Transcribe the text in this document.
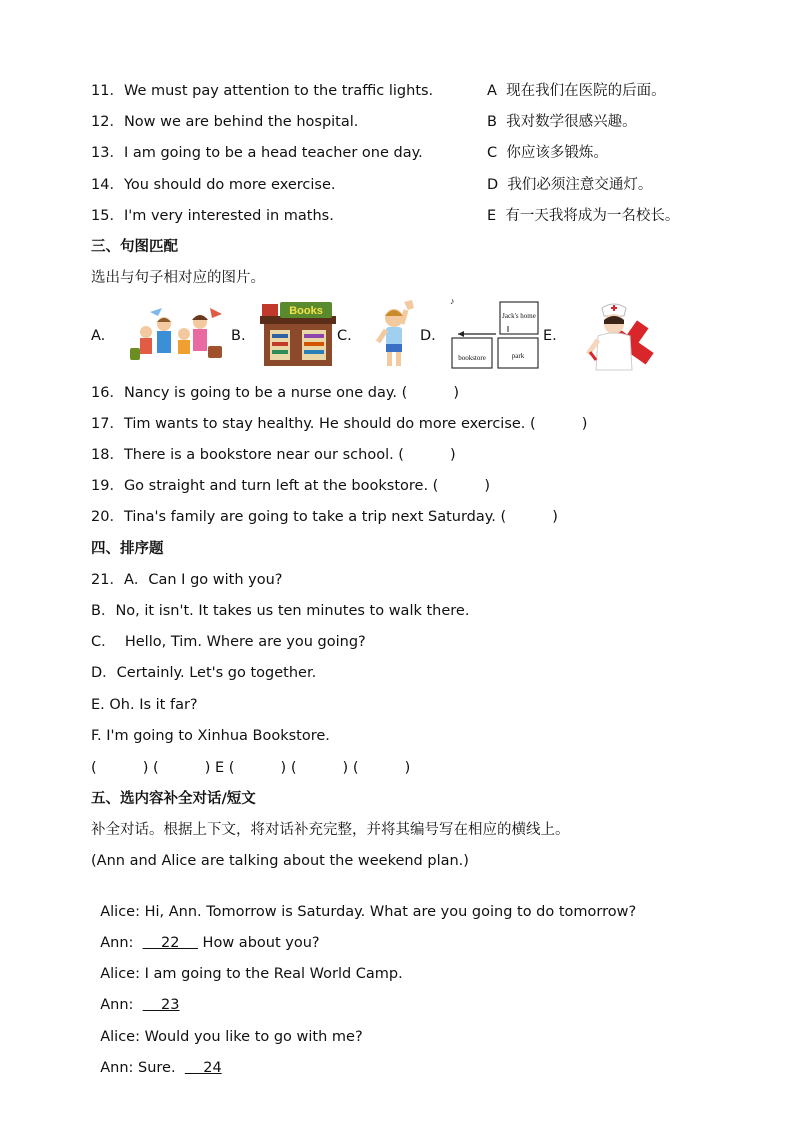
11．We must pay attention to the traffic lights.	A  现在我们在医院的后面。
12．Now we are behind the hospital.	B  我对数学很感兴趣。
13．I am going to be a head teacher one day.	C  你应该多锻炼。
14．You should do more exercise.	D  我们必须注意交通灯。
15．I'm very interested in maths.	E  有一天我将成为一名校长。
三、句图匹配
选出与句子相对应的图片。
A.	B.
Books
C.	D.
♪
Jack's home
bookstore	park
E.
16．Nancy is going to be a nurse one day. (          )
17．Tim wants to stay healthy. He should do more exercise. (          )
18．There is a bookstore near our school. (          )
19．Go straight and turn left at the bookstore. (          )
20．Tina's family are going to take a trip next Saturday. (          )
四、排序题
21．A．Can I go with you?
B．No, it isn't. It takes us ten minutes to walk there.
C．  Hello, Tim. Where are you going?
D．Certainly. Let's go together.
E. Oh. Is it far?
F. I'm going to Xinhua Bookstore.
(          ) (          ) E (          ) (          ) (          )
五、选内容补全对话/短文
补全对话。根据上下文，将对话补充完整，并将其编号写在相应的横线上。
(Ann and Alice are talking about the weekend plan.)

Alice: Hi, Ann. Tomorrow is Saturday. What are you going to do tomorrow?

Ann:      22     How about you?

Alice: I am going to the Real World Camp.

Ann:      23

Alice: Would you like to go with me?

Ann: Sure.      24
